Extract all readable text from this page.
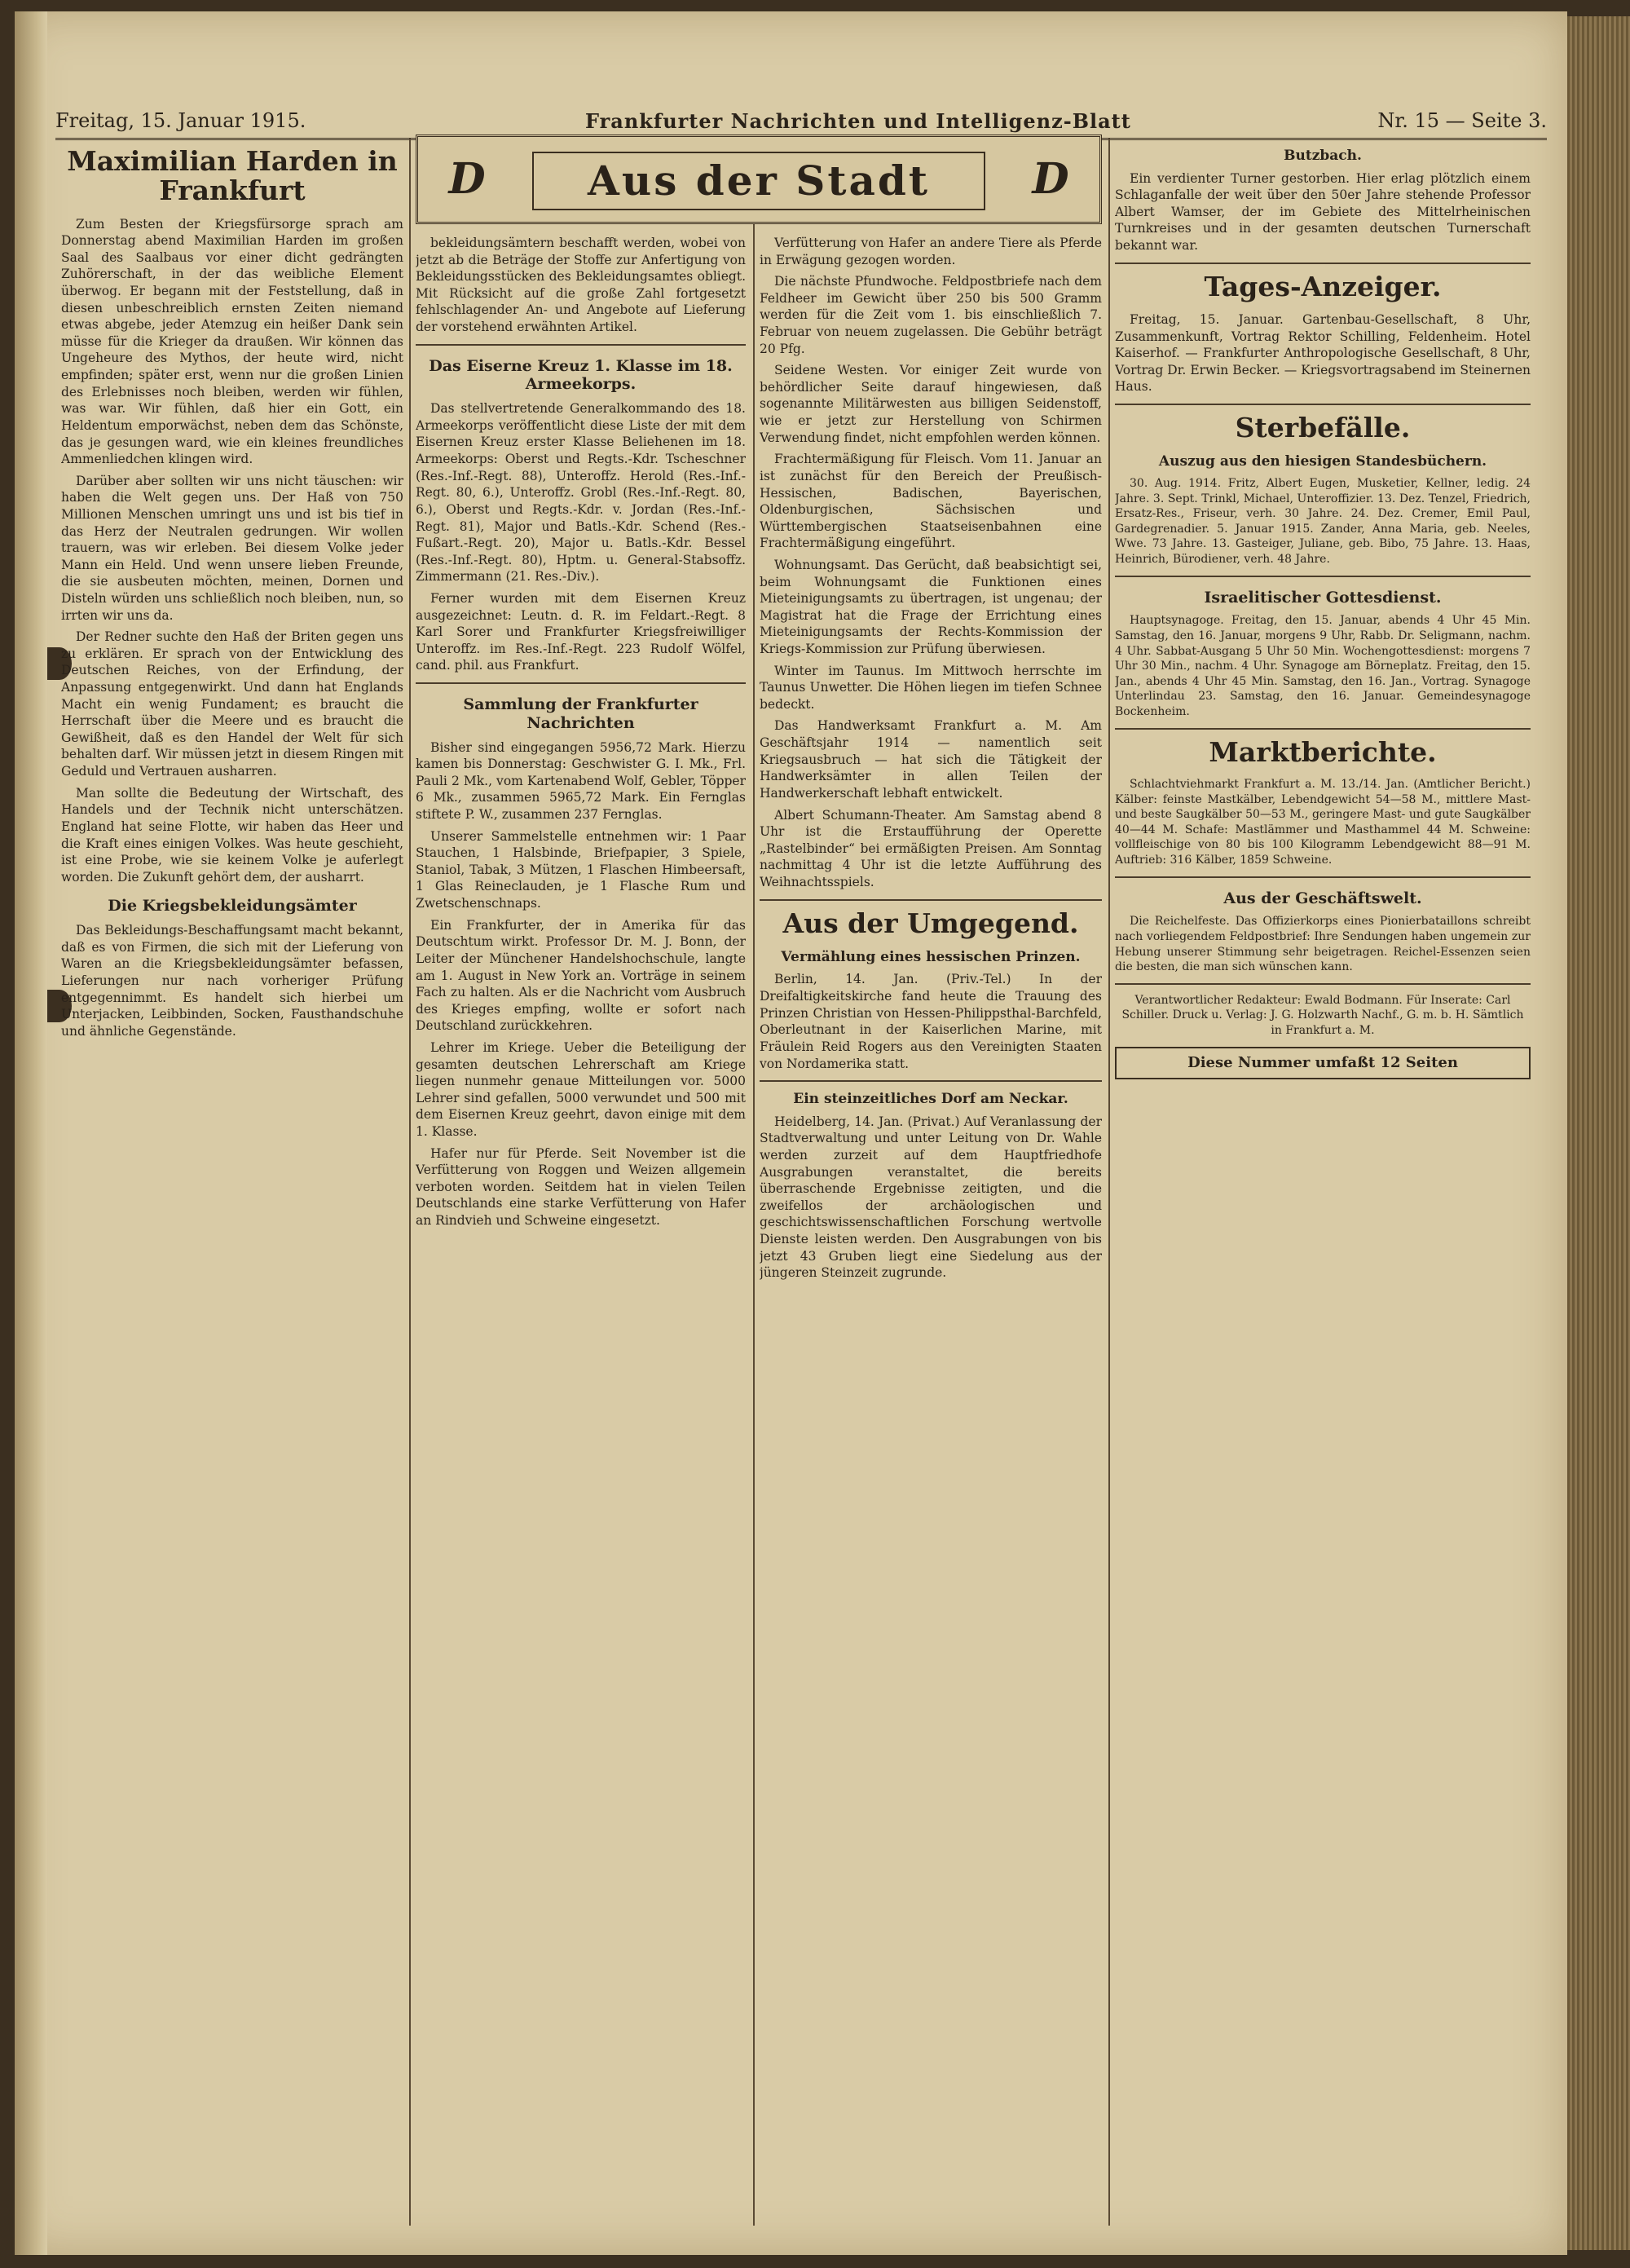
Freitag, 15. Januar 1915.	Frankfurter Nachrichten und Intelligenz-Blatt	Nr. 15 — Seite 3.
D	Aus der Stadt	D
Maximilian Harden in Frankfurt

Zum Besten der Kriegsfürsorge sprach am Donnerstag abend Maximilian Harden im großen Saal des Saalbaus vor einer dicht gedrängten Zuhörerschaft, in der das weibliche Element überwog. Er begann mit der Feststellung, daß in diesen unbeschreiblich ernsten Zeiten niemand etwas abgebe, jeder Atemzug ein heißer Dank sein müsse für die Krieger da draußen. Wir können das Ungeheure des Mythos, der heute wird, nicht empfinden; später erst, wenn nur die großen Linien des Erlebnisses noch bleiben, werden wir fühlen, was war. Wir fühlen, daß hier ein Gott, ein Heldentum emporwächst, neben dem das Schönste, das je gesungen ward, wie ein kleines freundliches Ammenliedchen klingen wird.

Darüber aber sollten wir uns nicht täuschen: wir haben die Welt gegen uns. Der Haß von 750 Millionen Menschen umringt uns und ist bis tief in das Herz der Neutralen gedrungen. Wir wollen trauern, was wir erleben. Bei diesem Volke jeder Mann ein Held. Und wenn unsere lieben Freunde, die sie ausbeuten möchten, meinen, Dornen und Disteln würden uns schließlich noch bleiben, nun, so irrten wir uns da.

Der Redner suchte den Haß der Briten gegen uns zu erklären. Er sprach von der Entwicklung des Deutschen Reiches, von der Erfindung, der Anpassung entgegenwirkt. Und dann hat Englands Macht ein wenig Fundament; es braucht die Herrschaft über die Meere und es braucht die Gewißheit, daß es den Handel der Welt für sich behalten darf. Wir müssen jetzt in diesem Ringen mit Geduld und Vertrauen ausharren.

Man sollte die Bedeutung der Wirtschaft, des Handels und der Technik nicht unterschätzen. England hat seine Flotte, wir haben das Heer und die Kraft eines einigen Volkes. Was heute geschieht, ist eine Probe, wie sie keinem Volke je auferlegt worden. Die Zukunft gehört dem, der ausharrt.

Die Kriegsbekleidungsämter

Das Bekleidungs-Beschaffungsamt macht bekannt, daß es von Firmen, die sich mit der Lieferung von Waren an die Kriegsbekleidungsämter befassen, Lieferungen nur nach vorheriger Prüfung entgegennimmt. Es handelt sich hierbei um Unterjacken, Leibbinden, Socken, Fausthandschuhe und ähnliche Gegenstände.

bekleidungsämtern beschafft werden, wobei von jetzt ab die Beträge der Stoffe zur Anfertigung von Bekleidungsstücken des Bekleidungsamtes obliegt. Mit Rücksicht auf die große Zahl fortgesetzt fehlschlagender An- und Angebote auf Lieferung der vorstehend erwähnten Artikel.

Das Eiserne Kreuz 1. Klasse im 18. Armeekorps.

Das stellvertretende Generalkommando des 18. Armeekorps veröffentlicht diese Liste der mit dem Eisernen Kreuz erster Klasse Beliehenen im 18. Armeekorps: Oberst und Regts.-Kdr. Tscheschner (Res.-Inf.-Regt. 88), Unteroffz. Herold (Res.-Inf.-Regt. 80, 6.), Unteroffz. Grobl (Res.-Inf.-Regt. 80, 6.), Oberst und Regts.-Kdr. v. Jordan (Res.-Inf.-Regt. 81), Major und Batls.-Kdr. Schend (Res.-Fußart.-Regt. 20), Major u. Batls.-Kdr. Bessel (Res.-Inf.-Regt. 80), Hptm. u. General-Stabsoffz. Zimmermann (21. Res.-Div.).

Ferner wurden mit dem Eisernen Kreuz ausgezeichnet: Leutn. d. R. im Feldart.-Regt. 8 Karl Sorer und Frankfurter Kriegsfreiwilliger Unteroffz. im Res.-Inf.-Regt. 223 Rudolf Wölfel, cand. phil. aus Frankfurt.

Sammlung der Frankfurter Nachrichten

Bisher sind eingegangen 5956,72 Mark. Hierzu kamen bis Donnerstag: Geschwister G. I. Mk., Frl. Pauli 2 Mk., vom Kartenabend Wolf, Gebler, Töpper 6 Mk., zusammen 5965,72 Mark. Ein Fernglas stiftete P. W., zusammen 237 Fernglas.

Unserer Sammelstelle entnehmen wir: 1 Paar Stauchen, 1 Halsbinde, Briefpapier, 3 Spiele, Staniol, Tabak, 3 Mützen, 1 Flaschen Himbeersaft, 1 Glas Reineclauden, je 1 Flasche Rum und Zwetschenschnaps.

Ein Frankfurter, der in Amerika für das Deutschtum wirkt. Professor Dr. M. J. Bonn, der Leiter der Münchener Handelshochschule, langte am 1. August in New York an. Vorträge in seinem Fach zu halten. Als er die Nachricht vom Ausbruch des Krieges empfing, wollte er sofort nach Deutschland zurückkehren.

Lehrer im Kriege. Ueber die Beteiligung der gesamten deutschen Lehrerschaft am Kriege liegen nunmehr genaue Mitteilungen vor. 5000 Lehrer sind gefallen, 5000 verwundet und 500 mit dem Eisernen Kreuz geehrt, davon einige mit dem 1. Klasse.

Hafer nur für Pferde. Seit November ist die Verfütterung von Roggen und Weizen allgemein verboten worden. Seitdem hat in vielen Teilen Deutschlands eine starke Verfütterung von Hafer an Rindvieh und Schweine eingesetzt.

Verfütterung von Hafer an andere Tiere als Pferde in Erwägung gezogen worden.

Die nächste Pfundwoche. Feldpostbriefe nach dem Feldheer im Gewicht über 250 bis 500 Gramm werden für die Zeit vom 1. bis einschließlich 7. Februar von neuem zugelassen. Die Gebühr beträgt 20 Pfg.

Seidene Westen. Vor einiger Zeit wurde von behördlicher Seite darauf hingewiesen, daß sogenannte Militärwesten aus billigen Seidenstoff, wie er jetzt zur Herstellung von Schirmen Verwendung findet, nicht empfohlen werden können.

Frachtermäßigung für Fleisch. Vom 11. Januar an ist zunächst für den Bereich der Preußisch-Hessischen, Badischen, Bayerischen, Oldenburgischen, Sächsischen und Württembergischen Staatseisenbahnen eine Frachtermäßigung eingeführt.

Wohnungsamt. Das Gerücht, daß beabsichtigt sei, beim Wohnungsamt die Funktionen eines Mieteinigungsamts zu übertragen, ist ungenau; der Magistrat hat die Frage der Errichtung eines Mieteinigungsamts der Rechts-Kommission der Kriegs-Kommission zur Prüfung überwiesen.

Winter im Taunus. Im Mittwoch herrschte im Taunus Unwetter. Die Höhen liegen im tiefen Schnee bedeckt.

Das Handwerksamt Frankfurt a. M. Am Geschäftsjahr 1914 — namentlich seit Kriegsausbruch — hat sich die Tätigkeit der Handwerksämter in allen Teilen der Handwerkerschaft lebhaft entwickelt.

Albert Schumann-Theater. Am Samstag abend 8 Uhr ist die Erstaufführung der Operette „Rastelbinder“ bei ermäßigten Preisen. Am Sonntag nachmittag 4 Uhr ist die letzte Aufführung des Weihnachtsspiels.

Aus der Umgegend.
Vermählung eines hessischen Prinzen.

Berlin, 14. Jan. (Priv.-Tel.) In der Dreifaltigkeitskirche fand heute die Trauung des Prinzen Christian von Hessen-Philippsthal-Barchfeld, Oberleutnant in der Kaiserlichen Marine, mit Fräulein Reid Rogers aus den Vereinigten Staaten von Nordamerika statt.

Ein steinzeitliches Dorf am Neckar.

Heidelberg, 14. Jan. (Privat.) Auf Veranlassung der Stadtverwaltung und unter Leitung von Dr. Wahle werden zurzeit auf dem Hauptfriedhofe Ausgrabungen veranstaltet, die bereits überraschende Ergebnisse zeitigten, und die zweifellos der archäologischen und geschichtswissenschaftlichen Forschung wertvolle Dienste leisten werden. Den Ausgrabungen von bis jetzt 43 Gruben liegt eine Siedelung aus der jüngeren Steinzeit zugrunde.

Butzbach.

Ein verdienter Turner gestorben. Hier erlag plötzlich einem Schlaganfalle der weit über den 50er Jahre stehende Professor Albert Wamser, der im Gebiete des Mittelrheinischen Turnkreises und in der gesamten deutschen Turnerschaft bekannt war.

Tages-Anzeiger.

Freitag, 15. Januar. Gartenbau-Gesellschaft, 8 Uhr, Zusammenkunft, Vortrag Rektor Schilling, Feldenheim. Hotel Kaiserhof. — Frankfurter Anthropologische Gesellschaft, 8 Uhr, Vortrag Dr. Erwin Becker. — Kriegsvortragsabend im Steinernen Haus.

Sterbefälle.
Auszug aus den hiesigen Standesbüchern.

30. Aug. 1914. Fritz, Albert Eugen, Musketier, Kellner, ledig. 24 Jahre. 3. Sept. Trinkl, Michael, Unteroffizier. 13. Dez. Tenzel, Friedrich, Ersatz-Res., Friseur, verh. 30 Jahre. 24. Dez. Cremer, Emil Paul, Gardegrenadier. 5. Januar 1915. Zander, Anna Maria, geb. Neeles, Wwe. 73 Jahre. 13. Gasteiger, Juliane, geb. Bibo, 75 Jahre. 13. Haas, Heinrich, Bürodiener, verh. 48 Jahre.

Israelitischer Gottesdienst.

Hauptsynagoge. Freitag, den 15. Januar, abends 4 Uhr 45 Min. Samstag, den 16. Januar, morgens 9 Uhr, Rabb. Dr. Seligmann, nachm. 4 Uhr. Sabbat-Ausgang 5 Uhr 50 Min. Wochengottesdienst: morgens 7 Uhr 30 Min., nachm. 4 Uhr. Synagoge am Börneplatz. Freitag, den 15. Jan., abends 4 Uhr 45 Min. Samstag, den 16. Jan., Vortrag. Synagoge Unterlindau 23. Samstag, den 16. Januar. Gemeindesynagoge Bockenheim.

Marktberichte.

Schlachtviehmarkt Frankfurt a. M. 13./14. Jan. (Amtlicher Bericht.) Kälber: feinste Mastkälber, Lebendgewicht 54—58 M., mittlere Mast- und beste Saugkälber 50—53 M., geringere Mast- und gute Saugkälber 40—44 M. Schafe: Mastlämmer und Masthammel 44 M. Schweine: vollfleischige von 80 bis 100 Kilogramm Lebendgewicht 88—91 M. Auftrieb: 316 Kälber, 1859 Schweine.

Aus der Geschäftswelt.

Die Reichelfeste. Das Offizierkorps eines Pionierbataillons schreibt nach vorliegendem Feldpostbrief: Ihre Sendungen haben ungemein zur Hebung unserer Stimmung sehr beigetragen. Reichel-Essenzen seien die besten, die man sich wünschen kann.

Verantwortlicher Redakteur: Ewald Bodmann. Für Inserate: Carl Schiller. Druck u. Verlag: J. G. Holzwarth Nachf., G. m. b. H. Sämtlich in Frankfurt a. M.

Diese Nummer umfaßt 12 Seiten
